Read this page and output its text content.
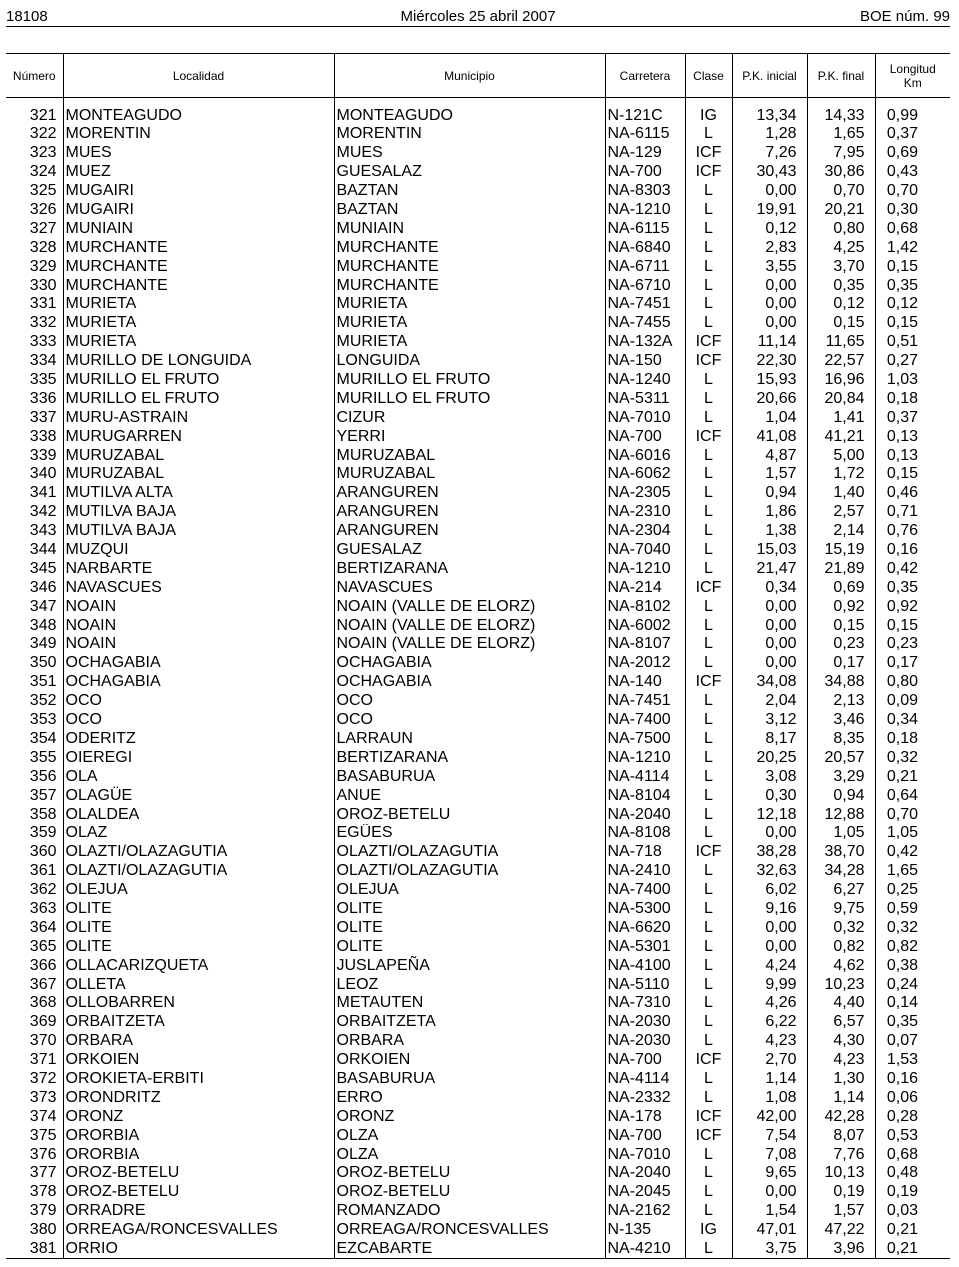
18108	Miércoles 25 abril 2007	BOE núm. 99
Número	Localidad	Municipio	Carretera	Clase	P.K. inicial	P.K. final	Longitud
Km
321	MONTEAGUDO	MONTEAGUDO	N-121C	IG	13,34	14,33	0,99
322	MORENTIN	MORENTIN	NA-6115	L	1,28	1,65	0,37
323	MUES	MUES	NA-129	ICF	7,26	7,95	0,69
324	MUEZ	GUESALAZ	NA-700	ICF	30,43	30,86	0,43
325	MUGAIRI	BAZTAN	NA-8303	L	0,00	0,70	0,70
326	MUGAIRI	BAZTAN	NA-1210	L	19,91	20,21	0,30
327	MUNIAIN	MUNIAIN	NA-6115	L	0,12	0,80	0,68
328	MURCHANTE	MURCHANTE	NA-6840	L	2,83	4,25	1,42
329	MURCHANTE	MURCHANTE	NA-6711	L	3,55	3,70	0,15
330	MURCHANTE	MURCHANTE	NA-6710	L	0,00	0,35	0,35
331	MURIETA	MURIETA	NA-7451	L	0,00	0,12	0,12
332	MURIETA	MURIETA	NA-7455	L	0,00	0,15	0,15
333	MURIETA	MURIETA	NA-132A	ICF	11,14	11,65	0,51
334	MURILLO DE LONGUIDA	LONGUIDA	NA-150	ICF	22,30	22,57	0,27
335	MURILLO EL FRUTO	MURILLO EL FRUTO	NA-1240	L	15,93	16,96	1,03
336	MURILLO EL FRUTO	MURILLO EL FRUTO	NA-5311	L	20,66	20,84	0,18
337	MURU-ASTRAIN	CIZUR	NA-7010	L	1,04	1,41	0,37
338	MURUGARREN	YERRI	NA-700	ICF	41,08	41,21	0,13
339	MURUZABAL	MURUZABAL	NA-6016	L	4,87	5,00	0,13
340	MURUZABAL	MURUZABAL	NA-6062	L	1,57	1,72	0,15
341	MUTILVA ALTA	ARANGUREN	NA-2305	L	0,94	1,40	0,46
342	MUTILVA BAJA	ARANGUREN	NA-2310	L	1,86	2,57	0,71
343	MUTILVA BAJA	ARANGUREN	NA-2304	L	1,38	2,14	0,76
344	MUZQUI	GUESALAZ	NA-7040	L	15,03	15,19	0,16
345	NARBARTE	BERTIZARANA	NA-1210	L	21,47	21,89	0,42
346	NAVASCUES	NAVASCUES	NA-214	ICF	0,34	0,69	0,35
347	NOAIN	NOAIN (VALLE DE ELORZ)	NA-8102	L	0,00	0,92	0,92
348	NOAIN	NOAIN (VALLE DE ELORZ)	NA-6002	L	0,00	0,15	0,15
349	NOAIN	NOAIN (VALLE DE ELORZ)	NA-8107	L	0,00	0,23	0,23
350	OCHAGABIA	OCHAGABIA	NA-2012	L	0,00	0,17	0,17
351	OCHAGABIA	OCHAGABIA	NA-140	ICF	34,08	34,88	0,80
352	OCO	OCO	NA-7451	L	2,04	2,13	0,09
353	OCO	OCO	NA-7400	L	3,12	3,46	0,34
354	ODERITZ	LARRAUN	NA-7500	L	8,17	8,35	0,18
355	OIEREGI	BERTIZARANA	NA-1210	L	20,25	20,57	0,32
356	OLA	BASABURUA	NA-4114	L	3,08	3,29	0,21
357	OLAGÜE	ANUE	NA-8104	L	0,30	0,94	0,64
358	OLALDEA	OROZ-BETELU	NA-2040	L	12,18	12,88	0,70
359	OLAZ	EGÜES	NA-8108	L	0,00	1,05	1,05
360	OLAZTI/OLAZAGUTIA	OLAZTI/OLAZAGUTIA	NA-718	ICF	38,28	38,70	0,42
361	OLAZTI/OLAZAGUTIA	OLAZTI/OLAZAGUTIA	NA-2410	L	32,63	34,28	1,65
362	OLEJUA	OLEJUA	NA-7400	L	6,02	6,27	0,25
363	OLITE	OLITE	NA-5300	L	9,16	9,75	0,59
364	OLITE	OLITE	NA-6620	L	0,00	0,32	0,32
365	OLITE	OLITE	NA-5301	L	0,00	0,82	0,82
366	OLLACARIZQUETA	JUSLAPEÑA	NA-4100	L	4,24	4,62	0,38
367	OLLETA	LEOZ	NA-5110	L	9,99	10,23	0,24
368	OLLOBARREN	METAUTEN	NA-7310	L	4,26	4,40	0,14
369	ORBAITZETA	ORBAITZETA	NA-2030	L	6,22	6,57	0,35
370	ORBARA	ORBARA	NA-2030	L	4,23	4,30	0,07
371	ORKOIEN	ORKOIEN	NA-700	ICF	2,70	4,23	1,53
372	OROKIETA-ERBITI	BASABURUA	NA-4114	L	1,14	1,30	0,16
373	ORONDRITZ	ERRO	NA-2332	L	1,08	1,14	0,06
374	ORONZ	ORONZ	NA-178	ICF	42,00	42,28	0,28
375	ORORBIA	OLZA	NA-700	ICF	7,54	8,07	0,53
376	ORORBIA	OLZA	NA-7010	L	7,08	7,76	0,68
377	OROZ-BETELU	OROZ-BETELU	NA-2040	L	9,65	10,13	0,48
378	OROZ-BETELU	OROZ-BETELU	NA-2045	L	0,00	0,19	0,19
379	ORRADRE	ROMANZADO	NA-2162	L	1,54	1,57	0,03
380	ORREAGA/RONCESVALLES	ORREAGA/RONCESVALLES	N-135	IG	47,01	47,22	0,21
381	ORRIO	EZCABARTE	NA-4210	L	3,75	3,96	0,21
